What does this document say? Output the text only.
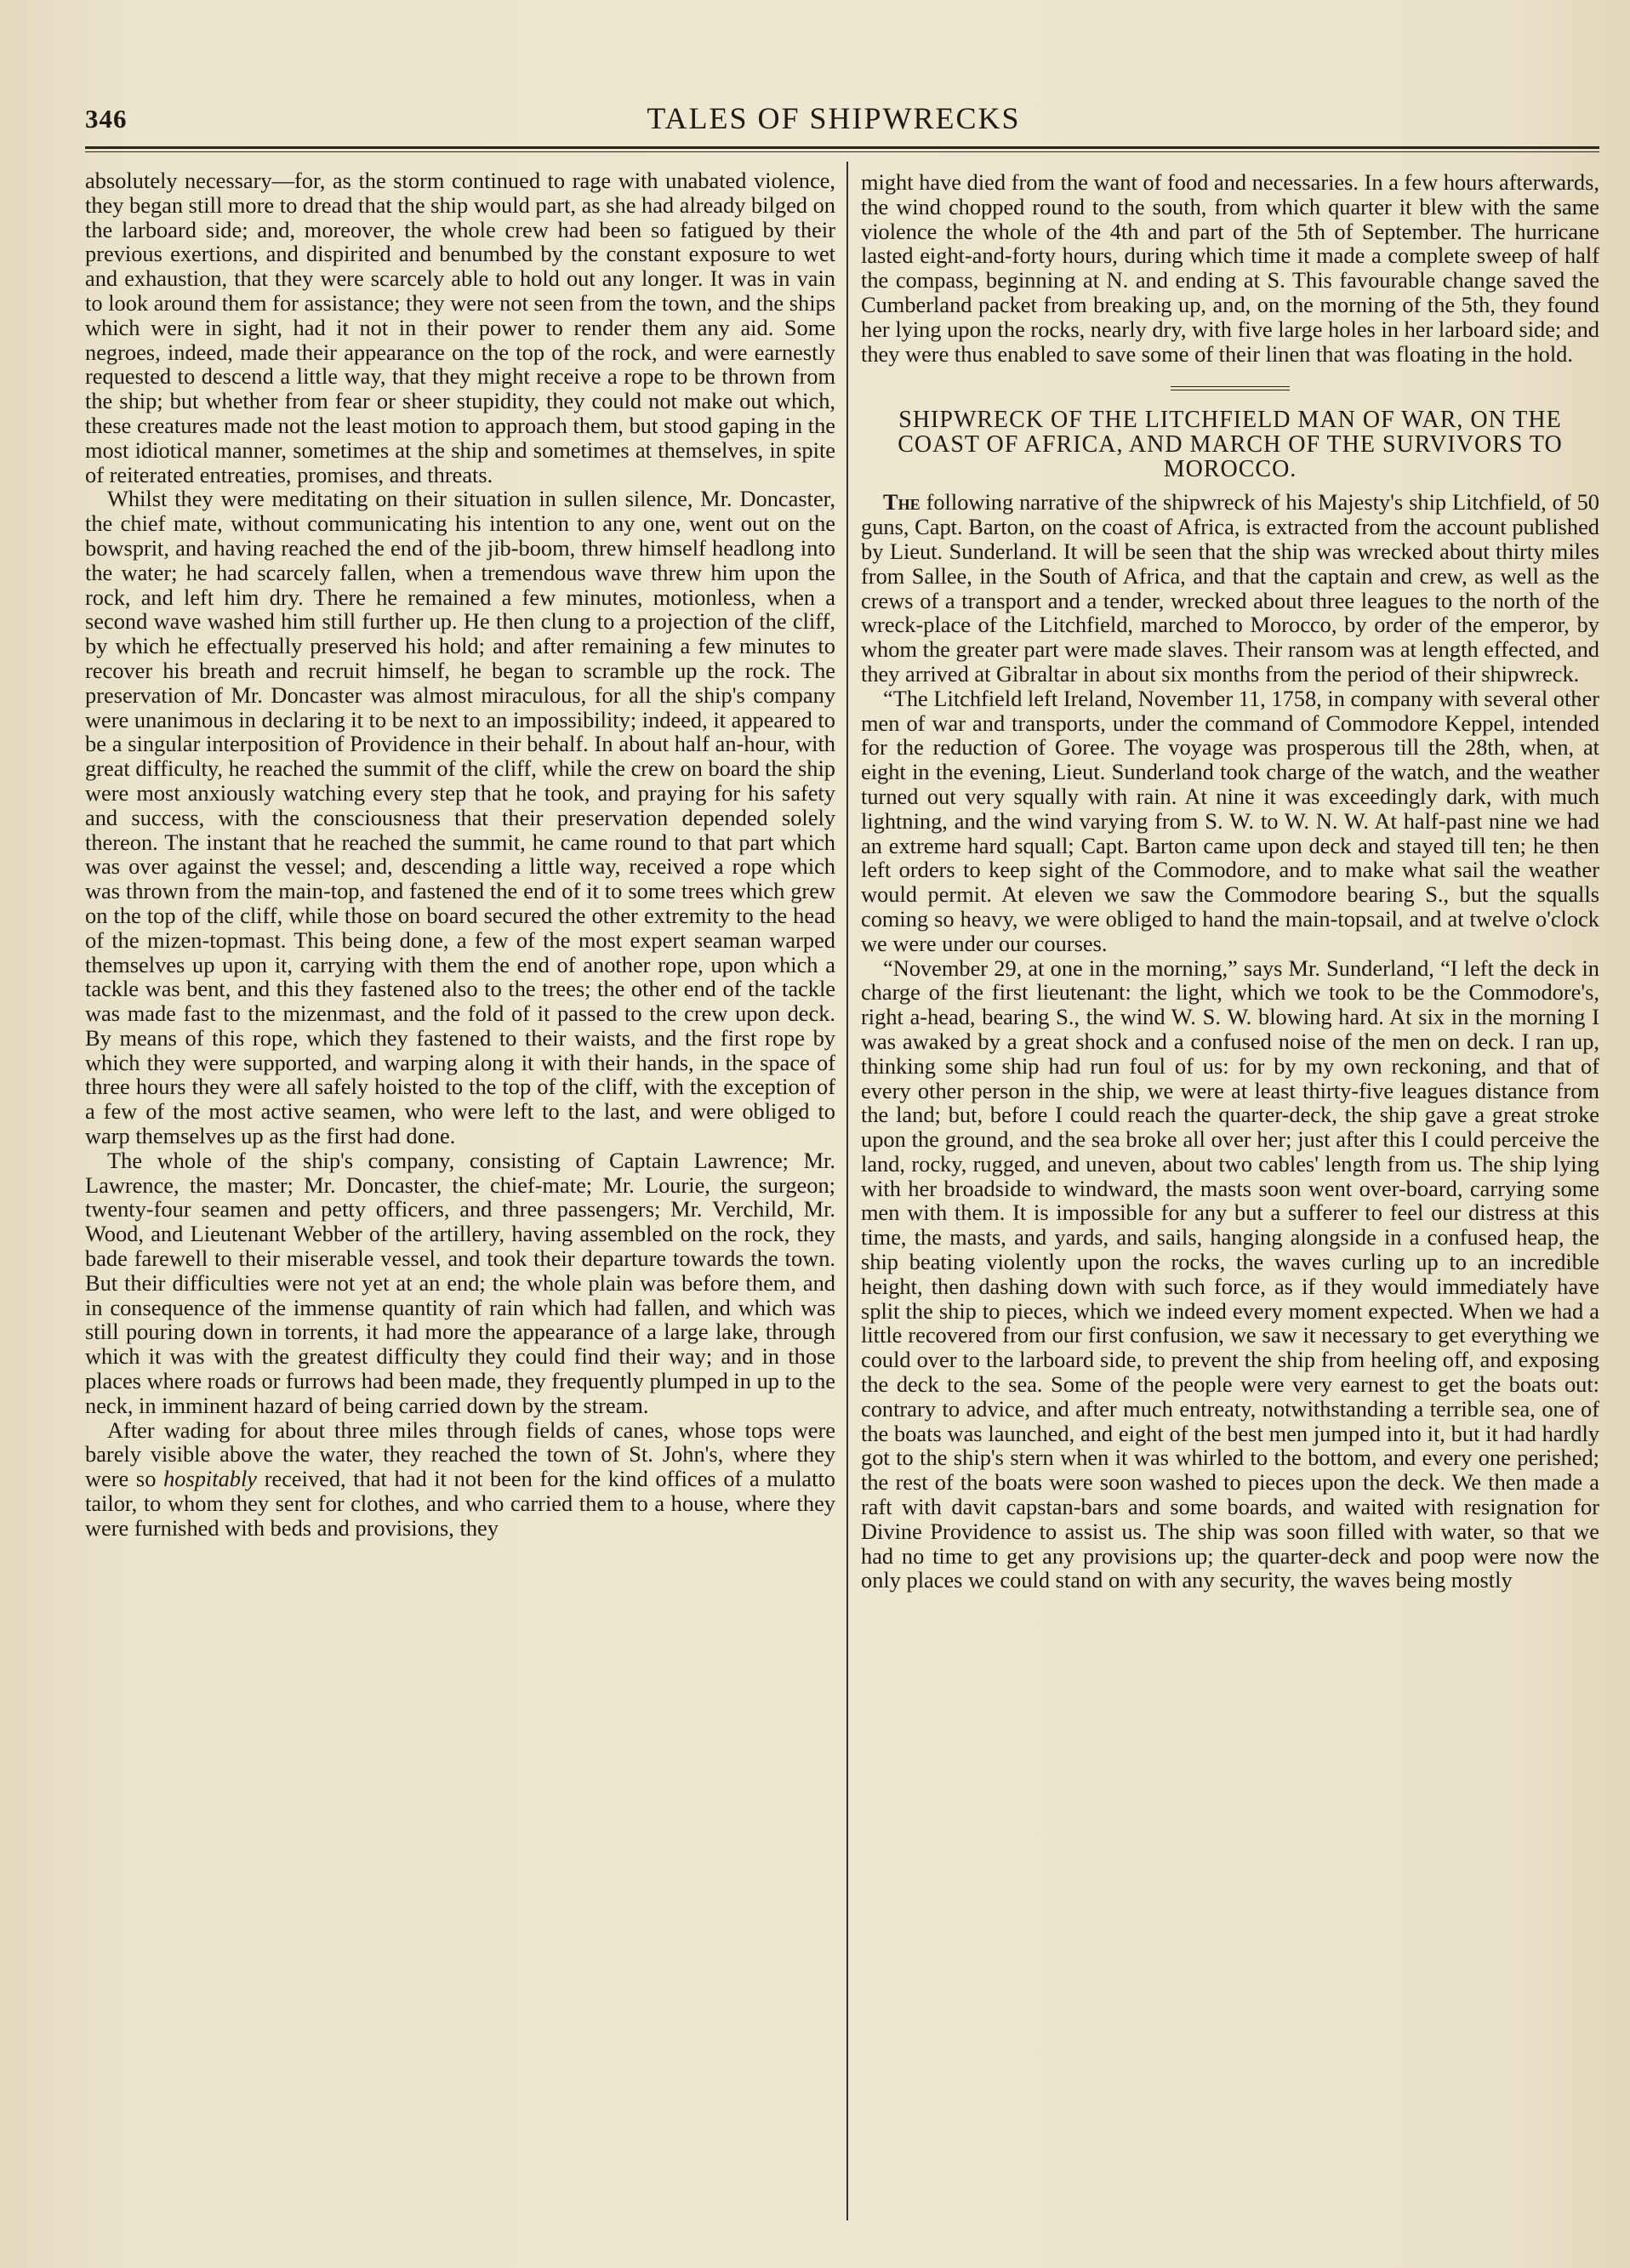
346	TALES OF SHIPWRECKS

absolutely necessary—for, as the storm continued to rage with unabated violence, they began still more to dread that the ship would part, as she had already bilged on the larboard side; and, moreover, the whole crew had been so fatigued by their previous exertions, and dispirited and benumbed by the constant exposure to wet and exhaustion, that they were scarcely able to hold out any longer. It was in vain to look around them for assistance; they were not seen from the town, and the ships which were in sight, had it not in their power to render them any aid. Some negroes, indeed, made their appearance on the top of the rock, and were earnestly requested to descend a little way, that they might receive a rope to be thrown from the ship; but whether from fear or sheer stupidity, they could not make out which, these creatures made not the least motion to approach them, but stood gaping in the most idiotical manner, sometimes at the ship and sometimes at themselves, in spite of reiterated entreaties, promises, and threats.

Whilst they were meditating on their situation in sullen silence, Mr. Doncaster, the chief mate, without communicating his intention to any one, went out on the bowsprit, and having reached the end of the jib-boom, threw himself headlong into the water; he had scarcely fallen, when a tremendous wave threw him upon the rock, and left him dry. There he remained a few minutes, motionless, when a second wave washed him still further up. He then clung to a projection of the cliff, by which he effectually preserved his hold; and after remaining a few minutes to recover his breath and recruit himself, he began to scramble up the rock. The preservation of Mr. Doncaster was almost miraculous, for all the ship's company were unanimous in declaring it to be next to an impossibility; indeed, it appeared to be a singular interposition of Providence in their behalf. In about half an-hour, with great difficulty, he reached the summit of the cliff, while the crew on board the ship were most anxiously watching every step that he took, and praying for his safety and success, with the consciousness that their preservation depended solely thereon. The instant that he reached the summit, he came round to that part which was over against the vessel; and, descending a little way, received a rope which was thrown from the main-top, and fastened the end of it to some trees which grew on the top of the cliff, while those on board secured the other extremity to the head of the mizen-topmast. This being done, a few of the most expert seaman warped themselves up upon it, carrying with them the end of another rope, upon which a tackle was bent, and this they fastened also to the trees; the other end of the tackle was made fast to the mizenmast, and the fold of it passed to the crew upon deck. By means of this rope, which they fastened to their waists, and the first rope by which they were supported, and warping along it with their hands, in the space of three hours they were all safely hoisted to the top of the cliff, with the exception of a few of the most active seamen, who were left to the last, and were obliged to warp themselves up as the first had done.

The whole of the ship's company, consisting of Captain Lawrence; Mr. Lawrence, the master; Mr. Doncaster, the chief-mate; Mr. Lourie, the surgeon; twenty-four seamen and petty officers, and three passengers; Mr. Verchild, Mr. Wood, and Lieutenant Webber of the artillery, having assembled on the rock, they bade farewell to their miserable vessel, and took their departure towards the town. But their difficulties were not yet at an end; the whole plain was before them, and in consequence of the immense quantity of rain which had fallen, and which was still pouring down in torrents, it had more the appearance of a large lake, through which it was with the greatest difficulty they could find their way; and in those places where roads or furrows had been made, they frequently plumped in up to the neck, in imminent hazard of being carried down by the stream.

After wading for about three miles through fields of canes, whose tops were barely visible above the water, they reached the town of St. John's, where they were so hospitably received, that had it not been for the kind offices of a mulatto tailor, to whom they sent for clothes, and who carried them to a house, where they were furnished with beds and provisions, they

might have died from the want of food and necessaries. In a few hours afterwards, the wind chopped round to the south, from which quarter it blew with the same violence the whole of the 4th and part of the 5th of September. The hurricane lasted eight-and-forty hours, during which time it made a complete sweep of half the compass, beginning at N. and ending at S. This favourable change saved the Cumberland packet from breaking up, and, on the morning of the 5th, they found her lying upon the rocks, nearly dry, with five large holes in her larboard side; and they were thus enabled to save some of their linen that was floating in the hold.

SHIPWRECK OF THE LITCHFIELD MAN OF WAR, ON THE COAST OF AFRICA, AND MARCH OF THE SURVIVORS TO MOROCCO.

The following narrative of the shipwreck of his Majesty's ship Litchfield, of 50 guns, Capt. Barton, on the coast of Africa, is extracted from the account published by Lieut. Sunderland. It will be seen that the ship was wrecked about thirty miles from Sallee, in the South of Africa, and that the captain and crew, as well as the crews of a transport and a tender, wrecked about three leagues to the north of the wreck-place of the Litchfield, marched to Morocco, by order of the emperor, by whom the greater part were made slaves. Their ransom was at length effected, and they arrived at Gibraltar in about six months from the period of their shipwreck.

“The Litchfield left Ireland, November 11, 1758, in company with several other men of war and transports, under the command of Commodore Keppel, intended for the reduction of Goree. The voyage was prosperous till the 28th, when, at eight in the evening, Lieut. Sunderland took charge of the watch, and the weather turned out very squally with rain. At nine it was exceedingly dark, with much lightning, and the wind varying from S. W. to W. N. W. At half-past nine we had an extreme hard squall; Capt. Barton came upon deck and stayed till ten; he then left orders to keep sight of the Commodore, and to make what sail the weather would permit. At eleven we saw the Commodore bearing S., but the squalls coming so heavy, we were obliged to hand the main-topsail, and at twelve o'clock we were under our courses.

“November 29, at one in the morning,” says Mr. Sunderland, “I left the deck in charge of the first lieutenant: the light, which we took to be the Commodore's, right a-head, bearing S., the wind W. S. W. blowing hard. At six in the morning I was awaked by a great shock and a confused noise of the men on deck. I ran up, thinking some ship had run foul of us: for by my own reckoning, and that of every other person in the ship, we were at least thirty-five leagues distance from the land; but, before I could reach the quarter-deck, the ship gave a great stroke upon the ground, and the sea broke all over her; just after this I could perceive the land, rocky, rugged, and uneven, about two cables' length from us. The ship lying with her broadside to windward, the masts soon went over-board, carrying some men with them. It is impossible for any but a sufferer to feel our distress at this time, the masts, and yards, and sails, hanging alongside in a confused heap, the ship beating violently upon the rocks, the waves curling up to an incredible height, then dashing down with such force, as if they would immediately have split the ship to pieces, which we indeed every moment expected. When we had a little recovered from our first confusion, we saw it necessary to get everything we could over to the larboard side, to prevent the ship from heeling off, and exposing the deck to the sea. Some of the people were very earnest to get the boats out: contrary to advice, and after much entreaty, notwithstanding a terrible sea, one of the boats was launched, and eight of the best men jumped into it, but it had hardly got to the ship's stern when it was whirled to the bottom, and every one perished; the rest of the boats were soon washed to pieces upon the deck. We then made a raft with davit capstan-bars and some boards, and waited with resignation for Divine Providence to assist us. The ship was soon filled with water, so that we had no time to get any provisions up; the quarter-deck and poop were now the only places we could stand on with any security, the waves being mostly
